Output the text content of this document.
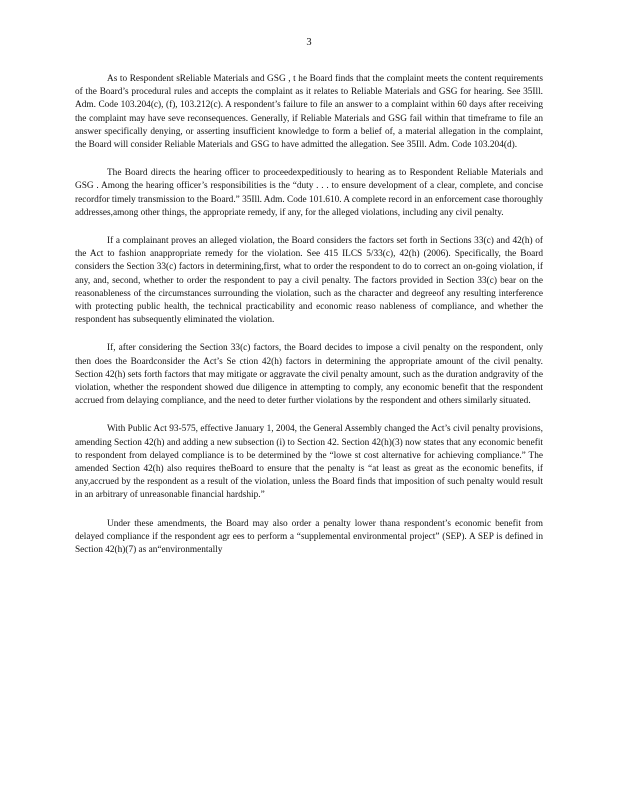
3

As to Respondent sReliable Materials and GSG , t he Board finds that the complaint meets the content requirements of the Board’s procedural rules and accepts the complaint as it relates to Reliable Materials and GSG for hearing. See 35Ill. Adm. Code 103.204(c), (f), 103.212(c). A respondent’s failure to file an answer to a complaint within 60 days after receiving the complaint may have seve reconsequences. Generally, if Reliable Materials and GSG fail within that timeframe to file an answer specifically denying, or asserting insufficient knowledge to form a belief of, a material allegation in the complaint, the Board will consider Reliable Materials and GSG to have admitted the allegation. See 35Ill. Adm. Code 103.204(d).

The Board directs the hearing officer to proceedexpeditiously to hearing as to Respondent Reliable Materials and GSG . Among the hearing officer’s responsibilities is the “duty . . . to ensure development of a clear, complete, and concise recordfor timely transmission to the Board.” 35Ill. Adm. Code 101.610. A complete record in an enforcement case thoroughly addresses,among other things, the appropriate remedy, if any, for the alleged violations, including any civil penalty.

If a complainant proves an alleged violation, the Board considers the factors set forth in Sections 33(c) and 42(h) of the Act to fashion anappropriate remedy for the violation. See 415 ILCS 5/33(c), 42(h) (2006). Specifically, the Board considers the Section 33(c) factors in determining,first, what to order the respondent to do to correct an on-going violation, if any, and, second, whether to order the respondent to pay a civil penalty. The factors provided in Section 33(c) bear on the reasonableness of the circumstances surrounding the violation, such as the character and degreeof any resulting interference with protecting public health, the technical practicability and economic reaso nableness of compliance, and whether the respondent has subsequently eliminated the violation.

If, after considering the Section 33(c) factors, the Board decides to impose a civil penalty on the respondent, only then does the Boardconsider the Act’s Se ction 42(h) factors in determining the appropriate amount of the civil penalty. Section 42(h) sets forth factors that may mitigate or aggravate the civil penalty amount, such as the duration andgravity of the violation, whether the respondent showed due diligence in attempting to comply, any economic benefit that the respondent accrued from delaying compliance, and the need to deter further violations by the respondent and others similarly situated.

With Public Act 93-575, effective January 1, 2004, the General Assembly changed the Act’s civil penalty provisions, amending Section 42(h) and adding a new subsection (i) to Section 42. Section 42(h)(3) now states that any economic benefit to respondent from delayed compliance is to be determined by the “lowe st cost alternative for achieving compliance.” The amended Section 42(h) also requires theBoard to ensure that the penalty is “at least as great as the economic benefits, if any,accrued by the respondent as a result of the violation, unless the Board finds that imposition of such penalty would result in an arbitrary of unreasonable financial hardship.”

Under these amendments, the Board may also order a penalty lower thana respondent’s economic benefit from delayed compliance if the respondent agr ees to perform a “supplemental environmental project” (SEP). A SEP is defined in Section 42(h)(7) as an“environmentally
